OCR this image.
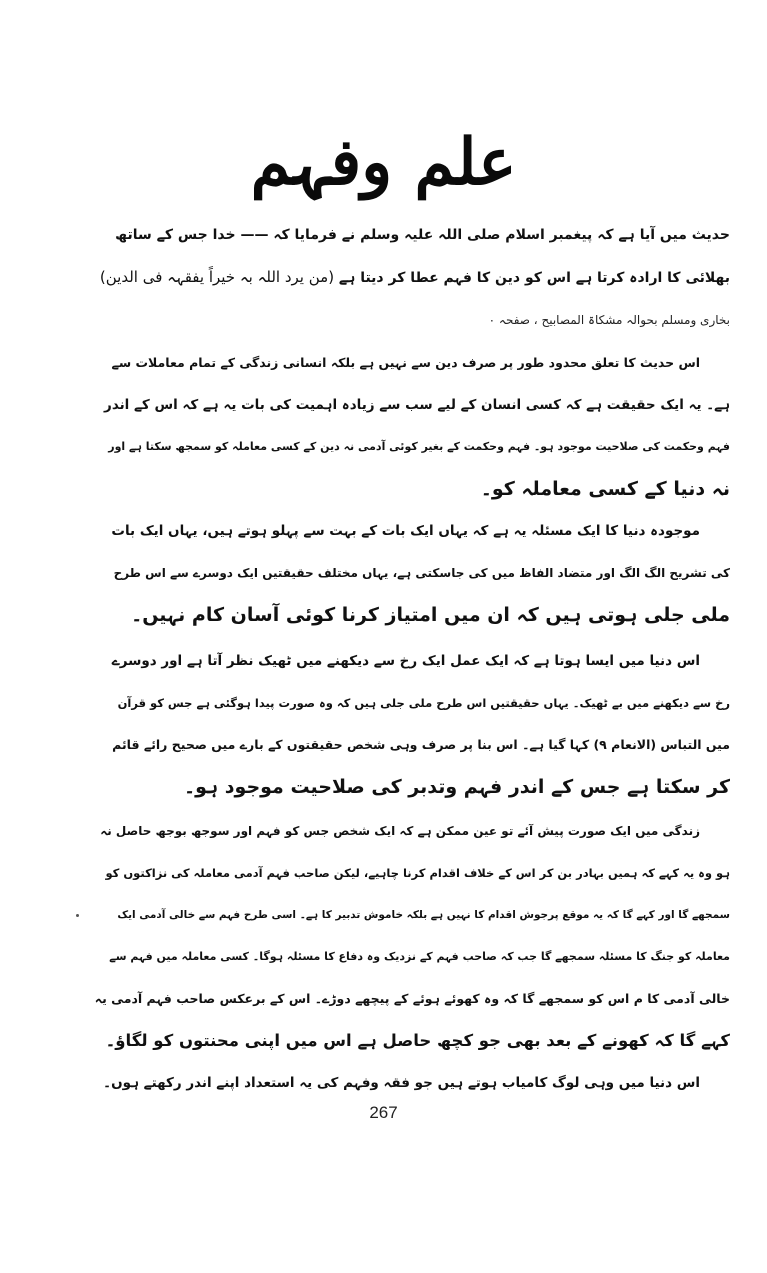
علم وفہم
حدیث میں آیا ہے کہ پیغمبر اسلام صلی اللہ علیہ وسلم نے فرمایا کہ —— خدا جس کے ساتھ
بھلائی کا ارادہ کرتا ہے اس کو دین کا فہم عطا کر دیتا ہے (من یرد اللہ بہ خیراً یفقہہ فی الدین)
بخاری ومسلم بحوالہ مشکاۃ المصابیح ، صفحہ ۰
اس حدیث کا تعلق محدود طور پر صرف دین سے نہیں ہے بلکہ انسانی زندگی کے تمام معاملات سے
ہے۔ یہ ایک حقیقت ہے کہ کسی انسان کے لیے سب سے زیادہ اہمیت کی بات یہ ہے کہ اس کے اندر
فہم وحکمت کی صلاحیت موجود ہو۔ فہم وحکمت کے بغیر کوئی آدمی نہ دین کے کسی معاملہ کو سمجھ سکتا ہے اور
نہ دنیا کے کسی معاملہ کو۔
موجودہ دنیا کا ایک مسئلہ یہ ہے کہ یہاں ایک بات کے بہت سے پہلو ہوتے ہیں، یہاں ایک بات
کی تشریح الگ الگ اور متضاد الفاظ میں کی جاسکتی ہے، یہاں مختلف حقیقتیں ایک دوسرے سے اس طرح
ملی جلی ہوتی ہیں کہ ان میں امتیاز کرنا کوئی آسان کام نہیں۔
اس دنیا میں ایسا ہوتا ہے کہ ایک عمل ایک رخ سے دیکھنے میں ٹھیک نظر آتا ہے اور دوسرے
رخ سے دیکھنے میں بے ٹھیک۔ یہاں حقیقتیں اس طرح ملی جلی ہیں کہ وہ صورت پیدا ہوگئی ہے جس کو قرآن
میں التباس (الانعام ۹) کہا گیا ہے۔ اس بنا پر صرف وہی شخص حقیقتوں کے بارے میں صحیح رائے قائم
کر سکتا ہے جس کے اندر فہم وتدبر کی صلاحیت موجود ہو۔
زندگی میں ایک صورت پیش آئے تو عین ممکن ہے کہ ایک شخص جس کو فہم اور سوجھ بوجھ حاصل نہ
ہو وہ یہ کہے کہ ہمیں بہادر بن کر اس کے خلاف اقدام کرنا چاہیے، لیکن صاحب فہم آدمی معاملہ کی نزاکتوں کو
سمجھے گا اور کہے گا کہ یہ موقع پرجوش اقدام کا نہیں ہے بلکہ خاموش تدبیر کا ہے۔ اسی طرح فہم سے خالی آدمی ایک
معاملہ کو جنگ کا مسئلہ سمجھے گا جب کہ صاحب فہم کے نزدیک وہ دفاع کا مسئلہ ہوگا۔ کسی معاملہ میں فہم سے
خالی آدمی کا م اس کو سمجھے گا کہ وہ کھوئے ہوئے کے پیچھے دوڑے۔ اس کے برعکس صاحب فہم آدمی یہ
کہے گا کہ کھونے کے بعد بھی جو کچھ حاصل ہے اس میں اپنی محنتوں کو لگاؤ۔
اس دنیا میں وہی لوگ کامیاب ہوتے ہیں جو فقہ وفہم کی یہ استعداد اپنے اندر رکھتے ہوں۔
267
